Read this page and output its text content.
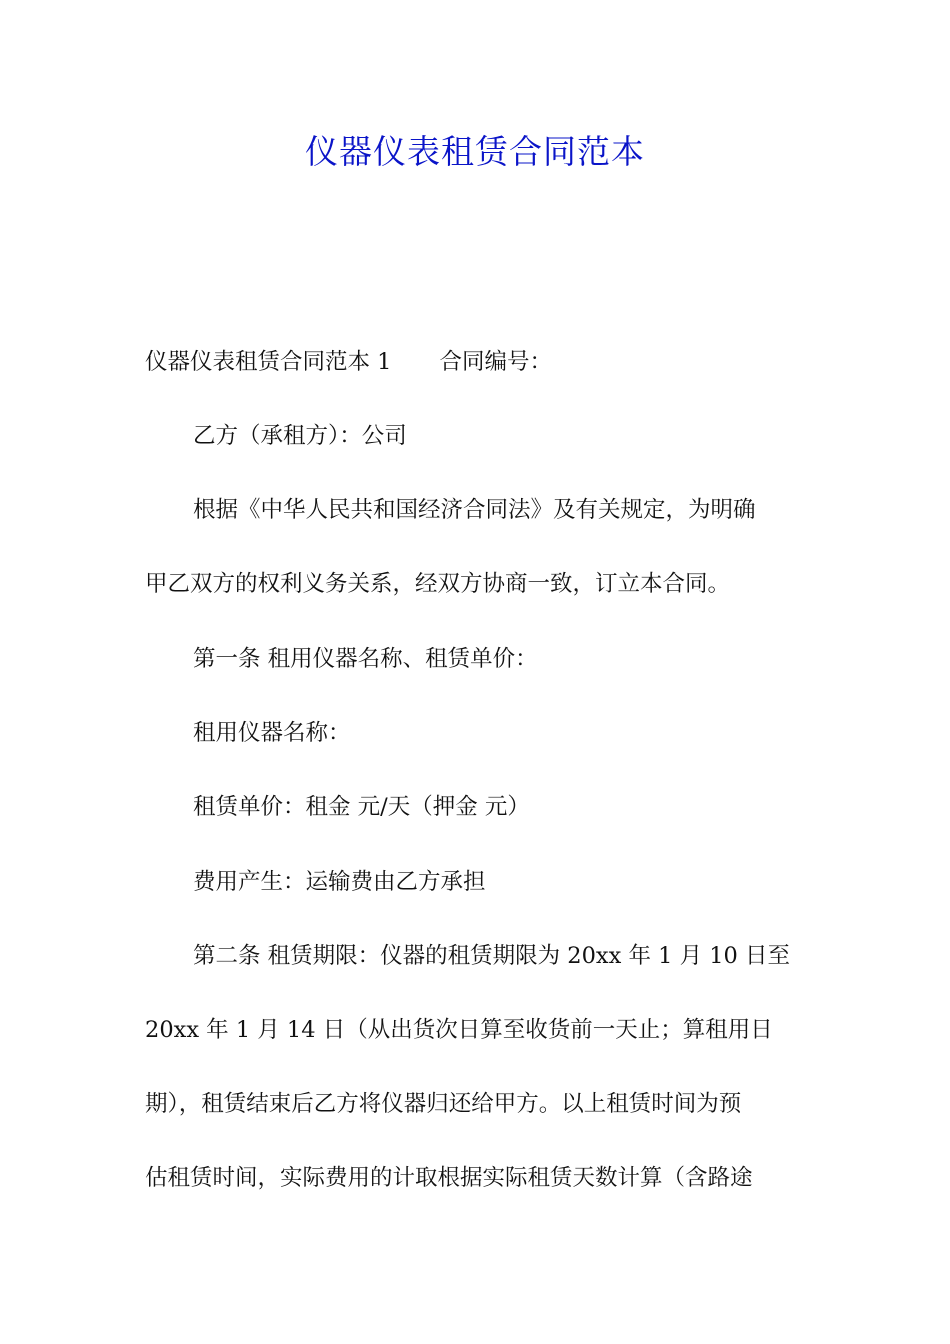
仪器仪表租赁合同范本

仪器仪表租赁合同范本 1 合同编号：

乙方（承租方）：公司

根据《中华人民共和国经济合同法》及有关规定，为明确

甲乙双方的权利义务关系，经双方协商一致，订立本合同。

第一条 租用仪器名称、租赁单价：

租用仪器名称：

租赁单价：租金 元/天（押金 元）

费用产生：运输费由乙方承担

第二条 租赁期限：仪器的租赁期限为 20xx 年 1 月 10 日至

20xx 年 1 月 14 日（从出货次日算至收货前一天止；算租用日

期），租赁结束后乙方将仪器归还给甲方。以上租赁时间为预

估租赁时间，实际费用的计取根据实际租赁天数计算（含路途
